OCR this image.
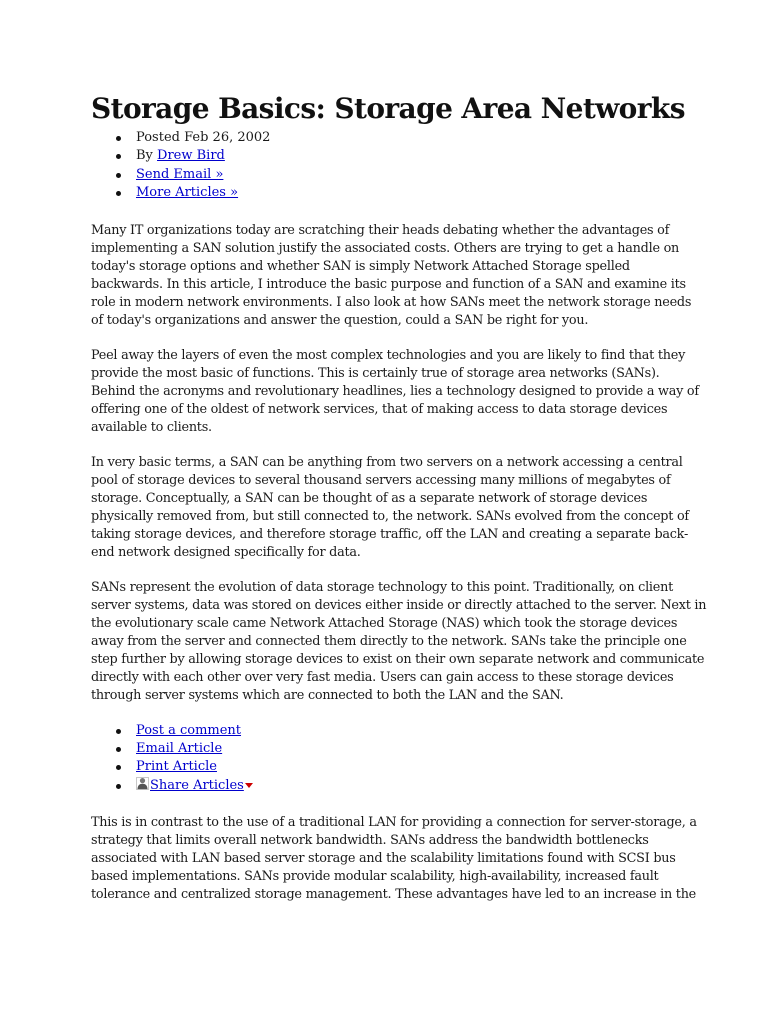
Storage Basics: Storage Area Networks
Posted Feb 26, 2002
By Drew Bird
Send Email »
More Articles »

Many IT organizations today are scratching their heads debating whether the advantages of
implementing a SAN solution justify the associated costs. Others are trying to get a handle on
today's storage options and whether SAN is simply Network Attached Storage spelled
backwards. In this article, I introduce the basic purpose and function of a SAN and examine its
role in modern network environments. I also look at how SANs meet the network storage needs
of today's organizations and answer the question, could a SAN be right for you.

Peel away the layers of even the most complex technologies and you are likely to find that they
provide the most basic of functions. This is certainly true of storage area networks (SANs).
Behind the acronyms and revolutionary headlines, lies a technology designed to provide a way of
offering one of the oldest of network services, that of making access to data storage devices
available to clients.

In very basic terms, a SAN can be anything from two servers on a network accessing a central
pool of storage devices to several thousand servers accessing many millions of megabytes of
storage. Conceptually, a SAN can be thought of as a separate network of storage devices
physically removed from, but still connected to, the network. SANs evolved from the concept of
taking storage devices, and therefore storage traffic, off the LAN and creating a separate back-
end network designed specifically for data.

SANs represent the evolution of data storage technology to this point. Traditionally, on client
server systems, data was stored on devices either inside or directly attached to the server. Next in
the evolutionary scale came Network Attached Storage (NAS) which took the storage devices
away from the server and connected them directly to the network. SANs take the principle one
step further by allowing storage devices to exist on their own separate network and communicate
directly with each other over very fast media. Users can gain access to these storage devices
through server systems which are connected to both the LAN and the SAN.

Post a comment
Email Article
Print Article
Share Articles

This is in contrast to the use of a traditional LAN for providing a connection for server-storage, a
strategy that limits overall network bandwidth. SANs address the bandwidth bottlenecks
associated with LAN based server storage and the scalability limitations found with SCSI bus
based implementations. SANs provide modular scalability, high-availability, increased fault
tolerance and centralized storage management. These advantages have led to an increase in the
